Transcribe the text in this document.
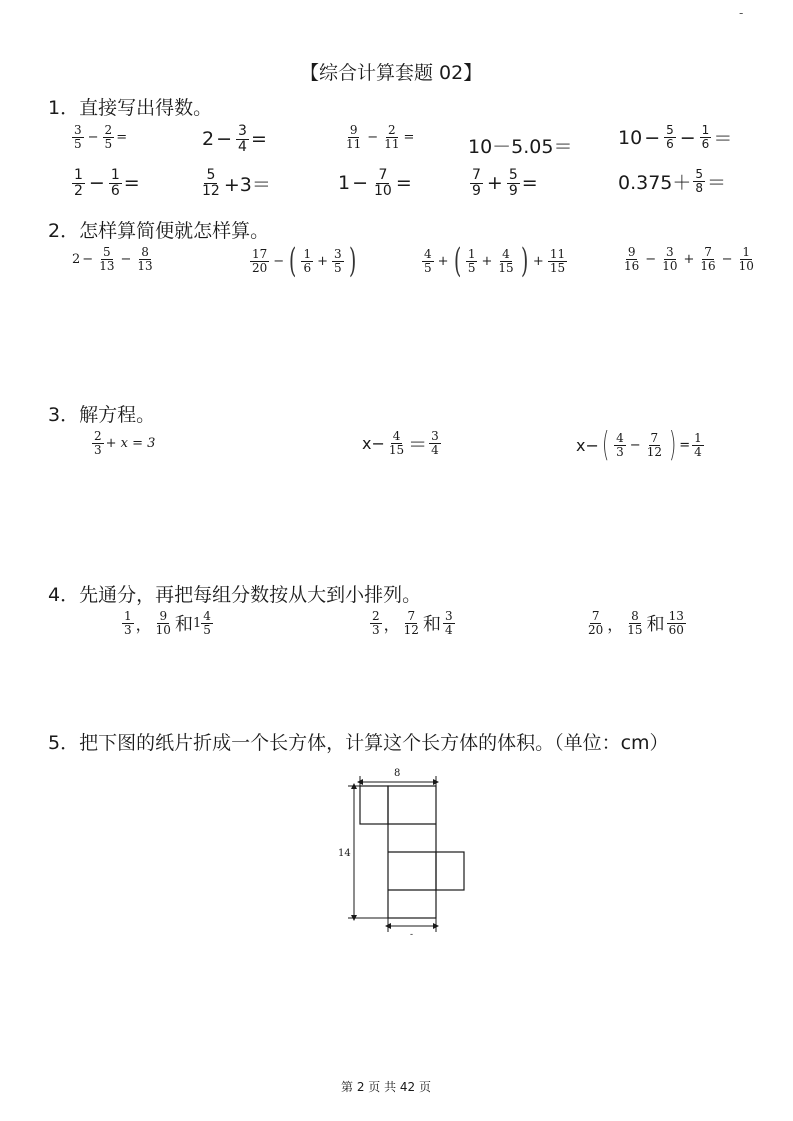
-
【综合计算套题 02】
1．直接写出得数。
$\frac{3}{5} - \frac{2}{5}$ =	$2 - \frac{3}{4}$ =	$\frac{9}{11} - \frac{2}{11}$ =	$10-5.05= 10 - \frac{5}{6} - \frac{1}{6}$ ＝
$\frac{1}{2} - \frac{1}{6}$ =	$\frac{5}{12} +3=$	$1 - \frac{7}{10}$ =	$\frac{7}{9} + \frac{5}{9}$ =	$0.375+ \frac{5}{8}$ ＝
2．怎样算简便就怎样算。
$2 - \frac{5}{13} - \frac{8}{13}$	$\frac{17}{20}$ − ( $\frac{1}{6} + \frac{3}{5}$ )	$\frac{4}{5}$ + ( $\frac{1}{5} + \frac{4}{15}$ ) + $\frac{11}{15}$	$\frac{9}{16} - \frac{3}{10} + \frac{7}{16} - \frac{1}{10}$
3．解方程。
$\frac{2}{3} + x = 3$	$x- \frac{4}{15} = \frac{3}{4}$	x− ( $\frac{4}{3} - \frac{7}{12}$ ) = $\frac{1}{4}$
4．先通分，再把每组分数按从大到小排列。
$\frac{1}{3}$ ， $\frac{9}{10}$ 和 $1 \frac{4}{5}$	$\frac{2}{3}$ ， $\frac{7}{12}$ 和 $\frac{3}{4}$	$\frac{7}{20}$ ， $\frac{8}{15}$ 和 $\frac{13}{60}$
5．把下图的纸片折成一个长方体，计算这个长方体的体积。（单位：cm）
8
14
-
第 2 页 共 42 页
